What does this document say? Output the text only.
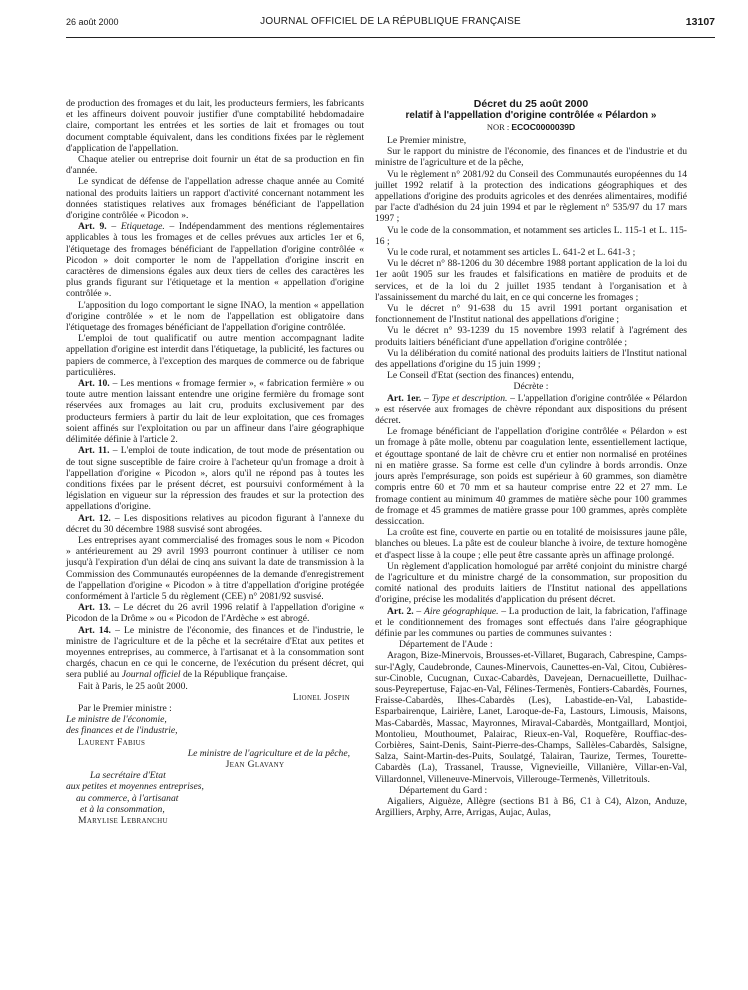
26 août 2000	JOURNAL OFFICIEL DE LA RÉPUBLIQUE FRANÇAISE	13107

de production des fromages et du lait, les producteurs fermiers, les fabricants et les affineurs doivent pouvoir justifier d'une comptabilité hebdomadaire claire, comportant les entrées et les sorties de lait et fromages ou tout document comptable équivalent, dans les conditions fixées par le règlement d'application de l'appellation.

Chaque atelier ou entreprise doit fournir un état de sa production en fin d'année.

Le syndicat de défense de l'appellation adresse chaque année au Comité national des produits laitiers un rapport d'activité concernant notamment les données statistiques relatives aux fromages bénéficiant de l'appellation d'origine contrôlée « Picodon ».

Art. 9. – Etiquetage. – Indépendamment des mentions réglementaires applicables à tous les fromages et de celles prévues aux articles 1er et 6, l'étiquetage des fromages bénéficiant de l'appellation d'origine contrôlée « Picodon » doit comporter le nom de l'appellation d'origine inscrit en caractères de dimensions égales aux deux tiers de celles des caractères les plus grands figurant sur l'étiquetage et la mention « appellation d'origine contrôlée ».

L'apposition du logo comportant le signe INAO, la mention « appellation d'origine contrôlée » et le nom de l'appellation est obligatoire dans l'étiquetage des fromages bénéficiant de l'appellation d'origine contrôlée.

L'emploi de tout qualificatif ou autre mention accompagnant ladite appellation d'origine est interdit dans l'étiquetage, la publicité, les factures ou papiers de commerce, à l'exception des marques de commerce ou de fabrique particulières.

Art. 10. – Les mentions « fromage fermier », « fabrication fermière » ou toute autre mention laissant entendre une origine fermière du fromage sont réservées aux fromages au lait cru, produits exclusivement par des producteurs fermiers à partir du lait de leur exploitation, que ces fromages soient affinés sur l'exploitation ou par un affineur dans l'aire géographique délimitée définie à l'article 2.

Art. 11. – L'emploi de toute indication, de tout mode de présentation ou de tout signe susceptible de faire croire à l'acheteur qu'un fromage a droit à l'appellation d'origine « Picodon », alors qu'il ne répond pas à toutes les conditions fixées par le présent décret, est poursuivi conformément à la législation en vigueur sur la répression des fraudes et sur la protection des appellations d'origine.

Art. 12. – Les dispositions relatives au picodon figurant à l'annexe du décret du 30 décembre 1988 susvisé sont abrogées.

Les entreprises ayant commercialisé des fromages sous le nom « Picodon » antérieurement au 29 avril 1993 pourront continuer à utiliser ce nom jusqu'à l'expiration d'un délai de cinq ans suivant la date de transmission à la Commission des Communautés européennes de la demande d'enregistrement de l'appellation d'origine « Picodon » à titre d'appellation d'origine protégée conformément à l'article 5 du règlement (CEE) n° 2081/92 susvisé.

Art. 13. – Le décret du 26 avril 1996 relatif à l'appellation d'origine « Picodon de la Drôme » ou « Picodon de l'Ardèche » est abrogé.

Art. 14. – Le ministre de l'économie, des finances et de l'industrie, le ministre de l'agriculture et de la pêche et la secrétaire d'Etat aux petites et moyennes entreprises, au commerce, à l'artisanat et à la consommation sont chargés, chacun en ce qui le concerne, de l'exécution du présent décret, qui sera publié au Journal officiel de la République française.

Fait à Paris, le 25 août 2000.

Lionel Jospin

Par le Premier ministre :

Le ministre de l'économie,

des finances et de l'industrie,

Laurent Fabius

Le ministre de l'agriculture et de la pêche,

Jean Glavany

La secrétaire d'Etat

aux petites et moyennes entreprises,

au commerce, à l'artisanat

et à la consommation,

Marylise Lebranchu

Décret du 25 août 2000
relatif à l'appellation d'origine contrôlée « Pélardon »
NOR : ECOC0000039D

Le Premier ministre,

Sur le rapport du ministre de l'économie, des finances et de l'industrie et du ministre de l'agriculture et de la pêche,

Vu le règlement n° 2081/92 du Conseil des Communautés européennes du 14 juillet 1992 relatif à la protection des indications géographiques et des appellations d'origine des produits agricoles et des denrées alimentaires, modifié par l'acte d'adhésion du 24 juin 1994 et par le règlement n° 535/97 du 17 mars 1997 ;

Vu le code de la consommation, et notamment ses articles L. 115-1 et L. 115-16 ;

Vu le code rural, et notamment ses articles L. 641-2 et L. 641-3 ;

Vu le décret n° 88-1206 du 30 décembre 1988 portant application de la loi du 1er août 1905 sur les fraudes et falsifications en matière de produits et de services, et de la loi du 2 juillet 1935 tendant à l'organisation et à l'assainissement du marché du lait, en ce qui concerne les fromages ;

Vu le décret n° 91-638 du 15 avril 1991 portant organisation et fonctionnement de l'Institut national des appellations d'origine ;

Vu le décret n° 93-1239 du 15 novembre 1993 relatif à l'agrément des produits laitiers bénéficiant d'une appellation d'origine contrôlée ;

Vu la délibération du comité national des produits laitiers de l'Institut national des appellations d'origine du 15 juin 1999 ;

Le Conseil d'Etat (section des finances) entendu,

Décrète :

Art. 1er. – Type et description. – L'appellation d'origine contrôlée « Pélardon » est réservée aux fromages de chèvre répondant aux dispositions du présent décret.

Le fromage bénéficiant de l'appellation d'origine contrôlée « Pélardon » est un fromage à pâte molle, obtenu par coagulation lente, essentiellement lactique, et égouttage spontané de lait de chèvre cru et entier non normalisé en protéines ni en matière grasse. Sa forme est celle d'un cylindre à bords arrondis. Onze jours après l'emprésurage, son poids est supérieur à 60 grammes, son diamètre compris entre 60 et 70 mm et sa hauteur comprise entre 22 et 27 mm. Le fromage contient au minimum 40 grammes de matière sèche pour 100 grammes de fromage et 45 grammes de matière grasse pour 100 grammes, après complète dessiccation.

La croûte est fine, couverte en partie ou en totalité de moisissures jaune pâle, blanches ou bleues. La pâte est de couleur blanche à ivoire, de texture homogène et d'aspect lisse à la coupe ; elle peut être cassante après un affinage prolongé.

Un règlement d'application homologué par arrêté conjoint du ministre chargé de l'agriculture et du ministre chargé de la consommation, sur proposition du comité national des produits laitiers de l'Institut national des appellations d'origine, précise les modalités d'application du présent décret.

Art. 2. – Aire géographique. – La production de lait, la fabrication, l'affinage et le conditionnement des fromages sont effectués dans l'aire géographique définie par les communes ou parties de communes suivantes :

Département de l'Aude :

Aragon, Bize-Minervois, Brousses-et-Villaret, Bugarach, Cabrespine, Camps-sur-l'Agly, Caudebronde, Caunes-Minervois, Caunettes-en-Val, Citou, Cubières-sur-Cinoble, Cucugnan, Cuxac-Cabardès, Davejean, Dernacueillette, Duilhac-sous-Peyrepertuse, Fajac-en-Val, Félines-Termenès, Fontiers-Cabardès, Fournes, Fraisse-Cabardès, Ilhes-Cabardès (Les), Labastide-en-Val, Labastide-Esparbairenque, Lairière, Lanet, Laroque-de-Fa, Lastours, Limousis, Maisons, Mas-Cabardès, Massac, Mayronnes, Miraval-Cabardès, Montgaillard, Montjoi, Montolieu, Mouthoumet, Palairac, Rieux-en-Val, Roquefère, Rouffiac-des-Corbières, Saint-Denis, Saint-Pierre-des-Champs, Sallèles-Cabardès, Salsigne, Salza, Saint-Martin-des-Puits, Soulatgé, Talairan, Taurize, Termes, Tourette-Cabardès (La), Trassanel, Trausse, Vignevieille, Villanière, Villar-en-Val, Villardonnel, Villeneuve-Minervois, Villerouge-Termenès, Villetritouls.

Département du Gard :

Aigaliers, Aiguèze, Allègre (sections B1 à B6, C1 à C4), Alzon, Anduze, Argilliers, Arphy, Arre, Arrigas, Aujac, Aulas,
